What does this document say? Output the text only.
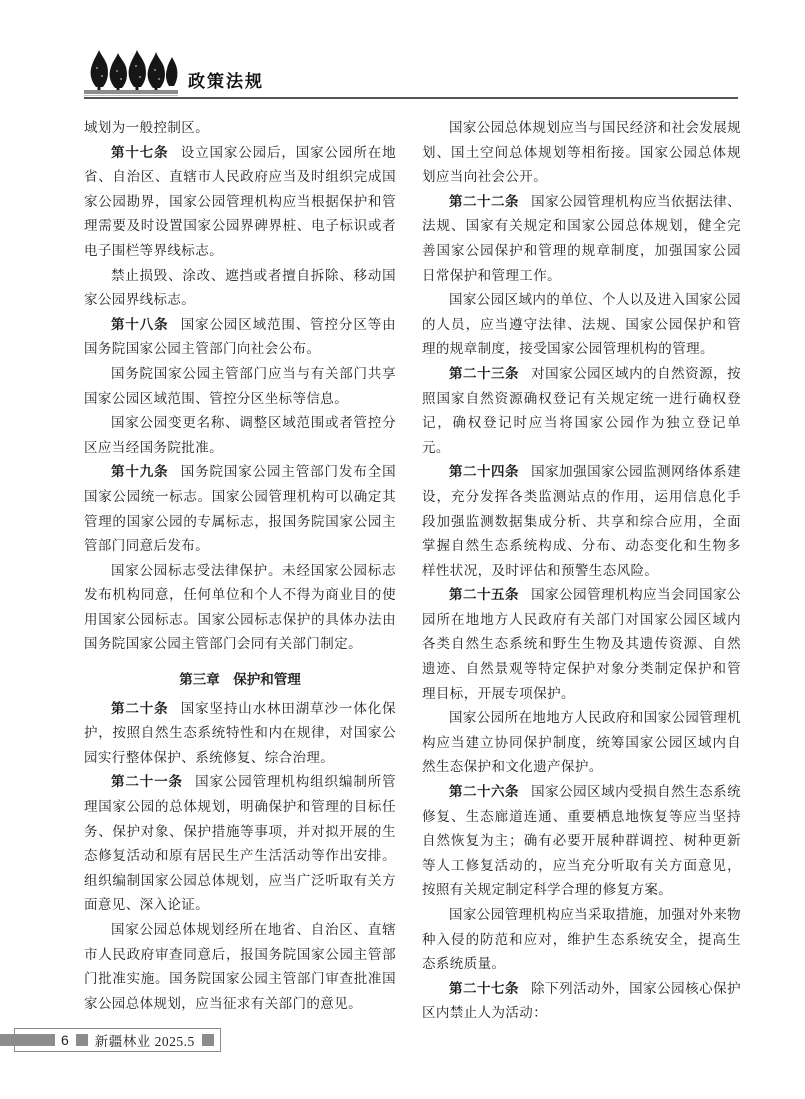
政策法规

域划为一般控制区。

第十七条 设立国家公园后，国家公园所在地省、自治区、直辖市人民政府应当及时组织完成国家公园勘界，国家公园管理机构应当根据保护和管理需要及时设置国家公园界碑界桩、电子标识或者电子围栏等界线标志。

禁止损毁、涂改、遮挡或者擅自拆除、移动国家公园界线标志。

第十八条 国家公园区域范围、管控分区等由国务院国家公园主管部门向社会公布。

国务院国家公园主管部门应当与有关部门共享国家公园区域范围、管控分区坐标等信息。

国家公园变更名称、调整区域范围或者管控分区应当经国务院批准。

第十九条 国务院国家公园主管部门发布全国国家公园统一标志。国家公园管理机构可以确定其管理的国家公园的专属标志，报国务院国家公园主管部门同意后发布。

国家公园标志受法律保护。未经国家公园标志发布机构同意，任何单位和个人不得为商业目的使用国家公园标志。国家公园标志保护的具体办法由国务院国家公园主管部门会同有关部门制定。

第三章　保护和管理

第二十条 国家坚持山水林田湖草沙一体化保护，按照自然生态系统特性和内在规律，对国家公园实行整体保护、系统修复、综合治理。

第二十一条 国家公园管理机构组织编制所管理国家公园的总体规划，明确保护和管理的目标任务、保护对象、保护措施等事项，并对拟开展的生态修复活动和原有居民生产生活活动等作出安排。组织编制国家公园总体规划，应当广泛听取有关方面意见、深入论证。

国家公园总体规划经所在地省、自治区、直辖市人民政府审查同意后，报国务院国家公园主管部门批准实施。国务院国家公园主管部门审查批准国家公园总体规划，应当征求有关部门的意见。

国家公园总体规划应当与国民经济和社会发展规划、国土空间总体规划等相衔接。国家公园总体规划应当向社会公开。

第二十二条 国家公园管理机构应当依据法律、法规、国家有关规定和国家公园总体规划，健全完善国家公园保护和管理的规章制度，加强国家公园日常保护和管理工作。

国家公园区域内的单位、个人以及进入国家公园的人员，应当遵守法律、法规、国家公园保护和管理的规章制度，接受国家公园管理机构的管理。

第二十三条 对国家公园区域内的自然资源，按照国家自然资源确权登记有关规定统一进行确权登记，确权登记时应当将国家公园作为独立登记单元。

第二十四条 国家加强国家公园监测网络体系建设，充分发挥各类监测站点的作用，运用信息化手段加强监测数据集成分析、共享和综合应用，全面掌握自然生态系统构成、分布、动态变化和生物多样性状况，及时评估和预警生态风险。

第二十五条 国家公园管理机构应当会同国家公园所在地地方人民政府有关部门对国家公园区域内各类自然生态系统和野生生物及其遗传资源、自然遗迹、自然景观等特定保护对象分类制定保护和管理目标，开展专项保护。

国家公园所在地地方人民政府和国家公园管理机构应当建立协同保护制度，统筹国家公园区域内自然生态保护和文化遗产保护。

第二十六条 国家公园区域内受损自然生态系统修复、生态廊道连通、重要栖息地恢复等应当坚持自然恢复为主；确有必要开展种群调控、树种更新等人工修复活动的，应当充分听取有关方面意见，按照有关规定制定科学合理的修复方案。

国家公园管理机构应当采取措施，加强对外来物种入侵的防范和应对，维护生态系统安全，提高生态系统质量。

第二十七条 除下列活动外，国家公园核心保护区内禁止人为活动：

6 新疆林业 2025.5
